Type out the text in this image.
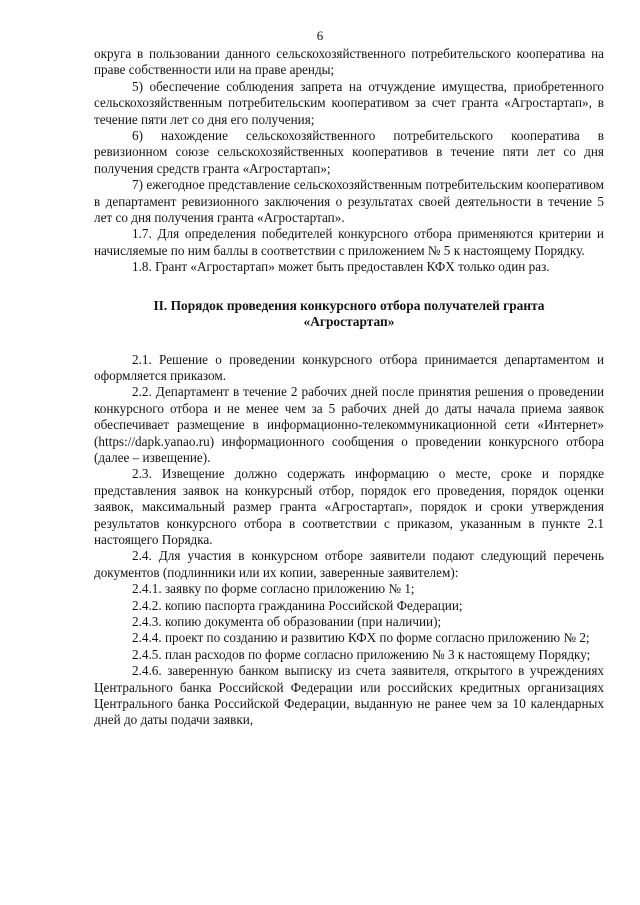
6

округа в пользовании данного сельскохозяйственного потребительского кооператива на праве собственности или на праве аренды;

5) обеспечение соблюдения запрета на отчуждение имущества, приобретенного сельскохозяйственным потребительским кооперативом за счет гранта «Агростартап», в течение пяти лет со дня его получения;

6) нахождение сельскохозяйственного потребительского кооператива в ревизионном союзе сельскохозяйственных кооперативов в течение пяти лет со дня получения средств гранта «Агростартап»;

7) ежегодное представление сельскохозяйственным потребительским кооперативом в департамент ревизионного заключения о результатах своей деятельности в течение 5 лет со дня получения гранта «Агростартап».

1.7. Для определения победителей конкурсного отбора применяются критерии и начисляемые по ним баллы в соответствии с приложением № 5 к настоящему Порядку.

1.8. Грант «Агростартап» может быть предоставлен КФХ только один раз.

II. Порядок проведения конкурсного отбора получателей гранта
«Агростартап»

2.1. Решение о проведении конкурсного отбора принимается департаментом и оформляется приказом.

2.2. Департамент в течение 2 рабочих дней после принятия решения о проведении конкурсного отбора и не менее чем за 5 рабочих дней до даты начала приема заявок обеспечивает размещение в информационно-телекоммуникационной сети «Интернет» (https://dapk.yanao.ru) информационного сообщения о проведении конкурсного отбора (далее – извещение).

2.3. Извещение должно содержать информацию о месте, сроке и порядке представления заявок на конкурсный отбор, порядок его проведения, порядок оценки заявок, максимальный размер гранта «Агростартап», порядок и сроки утверждения результатов конкурсного отбора в соответствии с приказом, указанным в пункте 2.1 настоящего Порядка.

2.4. Для участия в конкурсном отборе заявители подают следующий перечень документов (подлинники или их копии, заверенные заявителем):

2.4.1. заявку по форме согласно приложению № 1;

2.4.2. копию паспорта гражданина Российской Федерации;

2.4.3. копию документа об образовании (при наличии);

2.4.4. проект по созданию и развитию КФХ по форме согласно приложению № 2;

2.4.5. план расходов по форме согласно приложению № 3 к настоящему Порядку;

2.4.6. заверенную банком выписку из счета заявителя, открытого в учреждениях Центрального банка Российской Федерации или российских кредитных организациях Центрального банка Российской Федерации, выданную не ранее чем за 10 календарных дней до даты подачи заявки,
